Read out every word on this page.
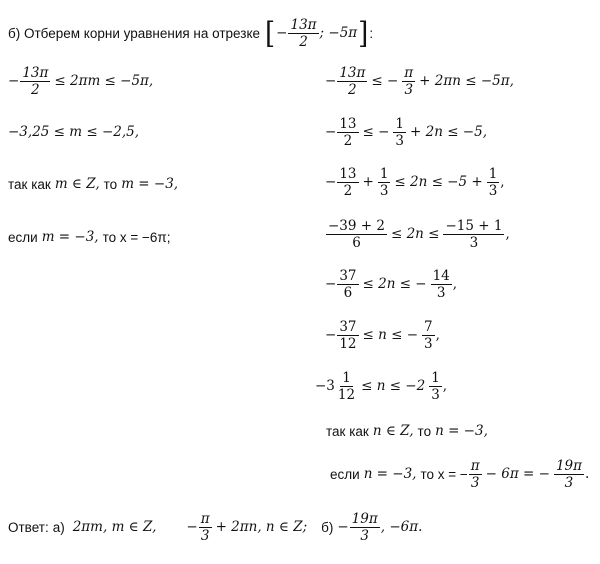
б) Отберем корни уравнения на отрезке [ − $\frac{13\pi}{2}$ ; −5π ] :
− $\frac{13\pi}{2} \le 2\pi m \le -5\pi$,
−3,25 ≤ m ≤ −2,5,
так как m ∈ Z, то m = −3,
если m = −3, то x = −6π;
− $\frac{13\pi}{2}$ ≤ − $\frac{\pi}{3} + 2\pi n \le -5\pi$,
− $\frac{13}{2}$ ≤ − $\frac{1}{3} + 2n \le -5$,
− $\frac{13}{2} + \frac{1}{3} \le 2n \le -5 + \frac{1}{3}$ ,
$\frac{-39 + 2}{6} \le 2n \le \frac{-15 + 1}{3}$ ,
− $\frac{37}{6} \le 2n$ ≤ − $\frac{14}{3}$ ,
− $\frac{37}{12} \le n$ ≤ − $\frac{7}{3}$ ,
$-3 \frac{1}{12} \le n \le -2 \frac{1}{3}$ ,
так как n ∈ Z, то n = −3,
если n = −3, то x = − $\frac{\pi}{3} - 6\pi$ = − $\frac{19\pi}{3}$ .
Ответ: а) 2πm, m ∈ Z, − $\frac{\pi}{3} + 2\pi n$, n ∈ Z; $б) - \frac{19\pi}{3}$ , −6π.
